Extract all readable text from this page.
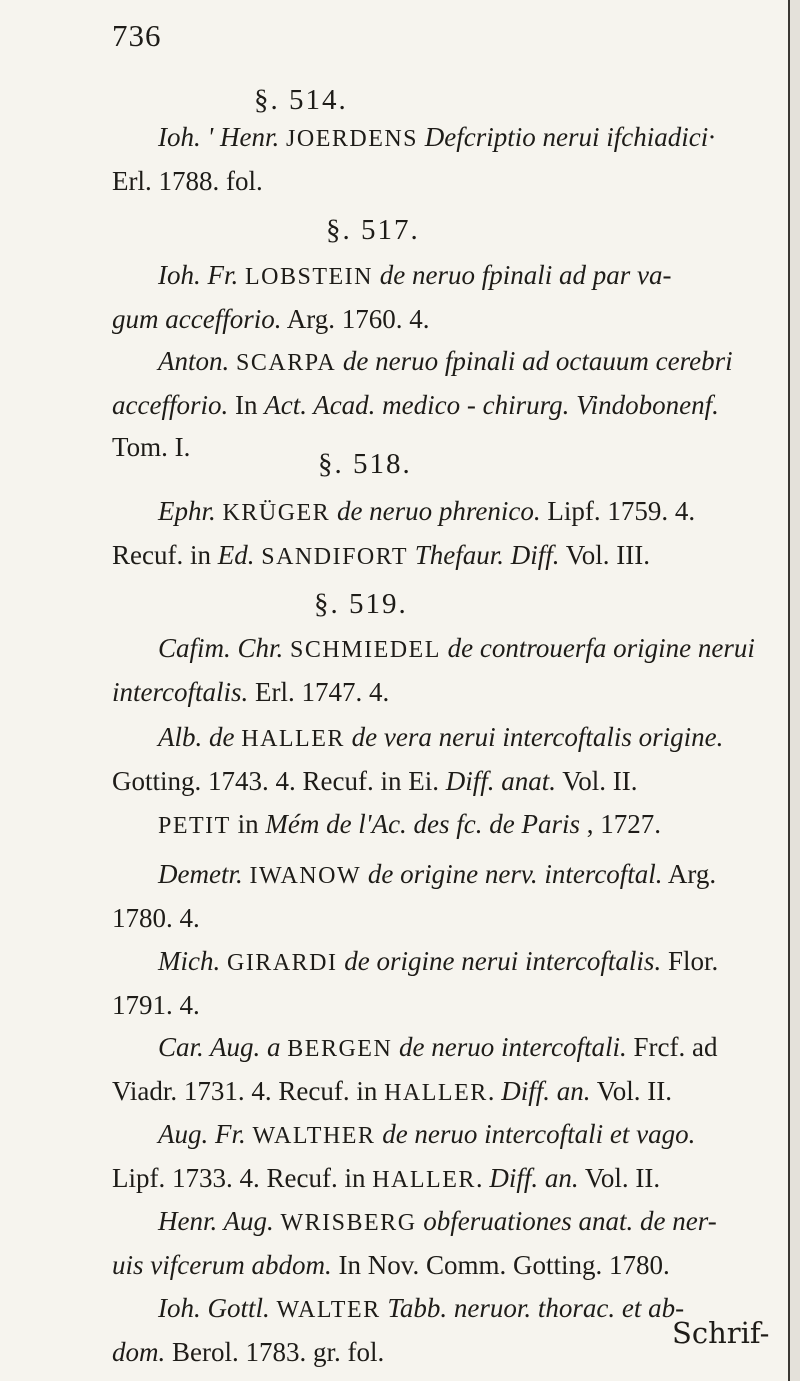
736
§. 514.
Ioh. ' Henr. JOERDENS Defcriptio nerui ifchiadici·
Erl. 1788. fol.
§. 517.
Ioh. Fr. LOBSTEIN de neruo fpinali ad par va-
gum accefforio. Arg. 1760. 4.
Anton. SCARPA de neruo fpinali ad octauum cerebri
accefforio. In Act. Acad. medico - chirurg. Vindobonenf.
Tom. I.
§. 518.
Ephr. KRÜGER de neruo phrenico. Lipf. 1759. 4.
Recuf. in Ed. SANDIFORT Thefaur. Diff. Vol. III.
§. 519.
Cafim. Chr. SCHMIEDEL de controuerfa origine nerui
intercoftalis. Erl. 1747. 4.
Alb. de HALLER de vera nerui intercoftalis origine.
Gotting. 1743. 4. Recuf. in Ei. Diff. anat. Vol. II.
PETIT in Mém de l'Ac. des fc. de Paris , 1727.
Demetr. IWANOW de origine nerv. intercoftal. Arg.
1780. 4.
Mich. GIRARDI de origine nerui intercoftalis. Flor.
1791. 4.
Car. Aug. a BERGEN de neruo intercoftali. Frcf. ad
Viadr. 1731. 4. Recuf. in HALLER. Diff. an. Vol. II.
Aug. Fr. WALTHER de neruo intercoftali et vago.
Lipf. 1733. 4. Recuf. in HALLER. Diff. an. Vol. II.
Henr. Aug. WRISBERG obferuationes anat. de ner-
uis vifcerum abdom. In Nov. Comm. Gotting. 1780.
Ioh. Gottl. WALTER Tabb. neruor. thorac. et ab-
dom. Berol. 1783. gr. fol.
Schrif-
